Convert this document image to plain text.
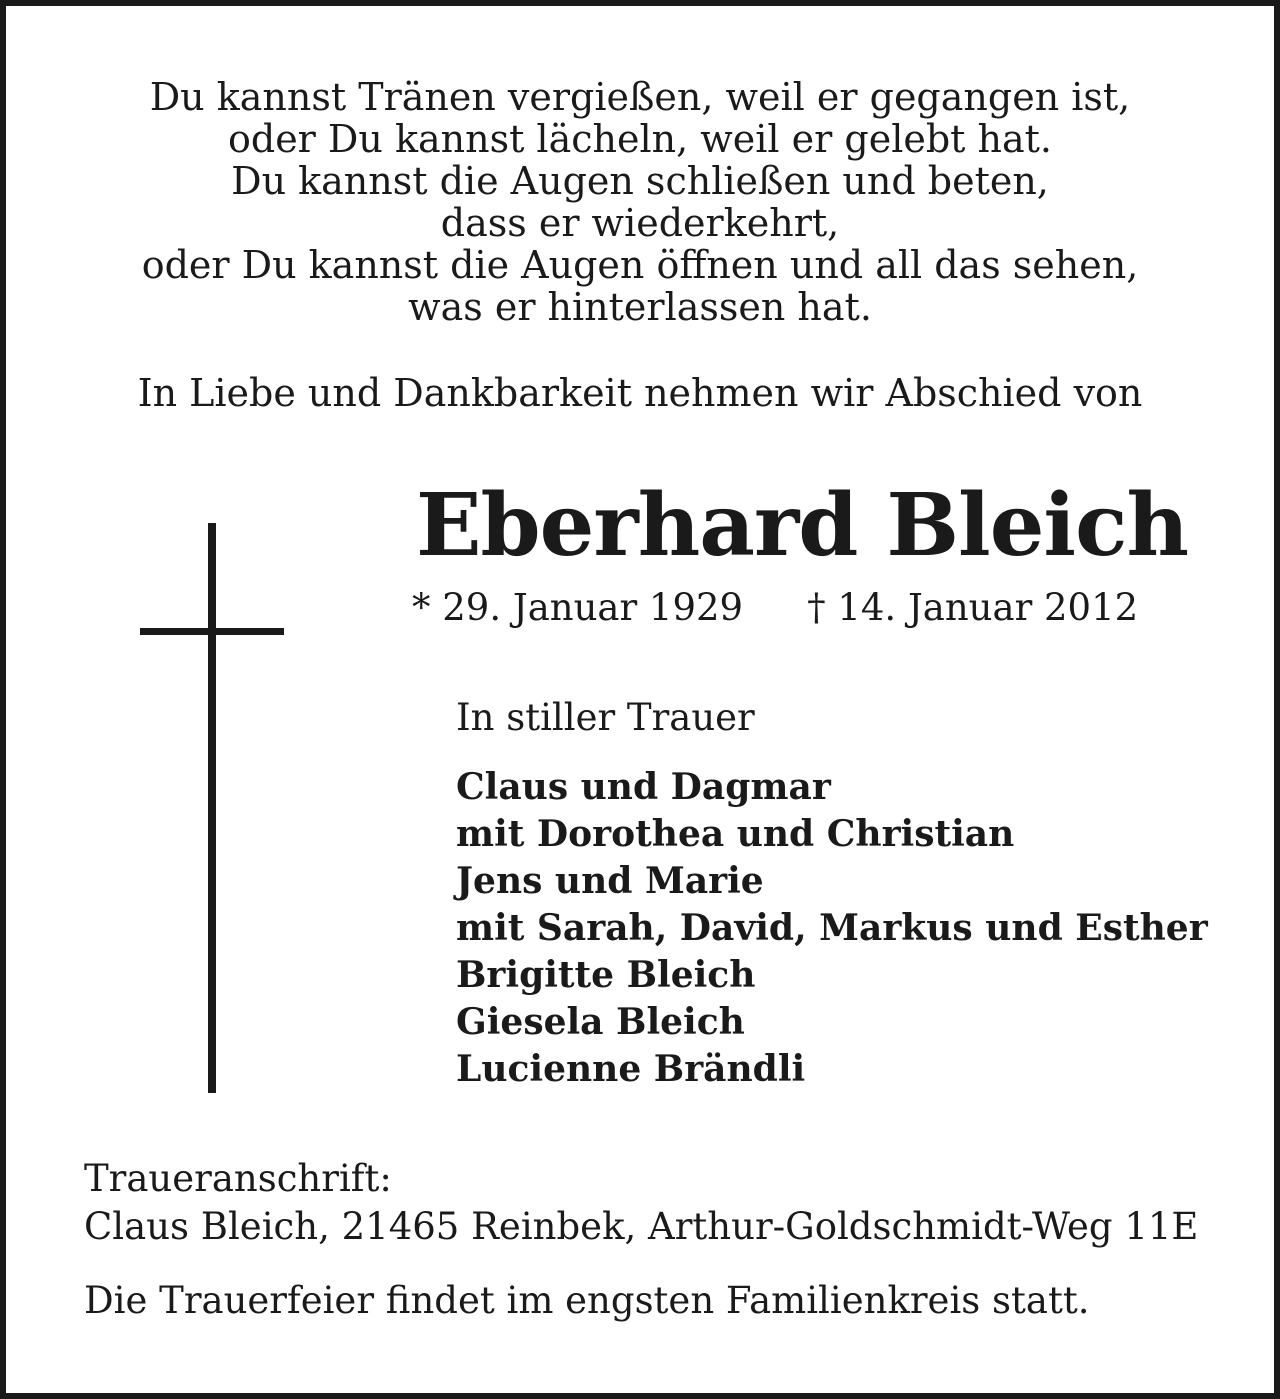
Du kannst Tränen vergießen, weil er gegangen ist,
oder Du kannst lächeln, weil er gelebt hat.
Du kannst die Augen schließen und beten,
dass er wiederkehrt,
oder Du kannst die Augen öffnen und all das sehen,
was er hinterlassen hat.
In Liebe und Dankbarkeit nehmen wir Abschied von
Eberhard Bleich
* 29. Januar 1929 † 14. Januar 2012
In stiller Trauer
Claus und Dagmar
mit Dorothea und Christian
Jens und Marie
mit Sarah, David, Markus und Esther
Brigitte Bleich
Giesela Bleich
Lucienne Brändli
Traueranschrift:
Claus Bleich, 21465 Reinbek, Arthur-Goldschmidt-Weg 11E
Die Trauerfeier findet im engsten Familienkreis statt.
